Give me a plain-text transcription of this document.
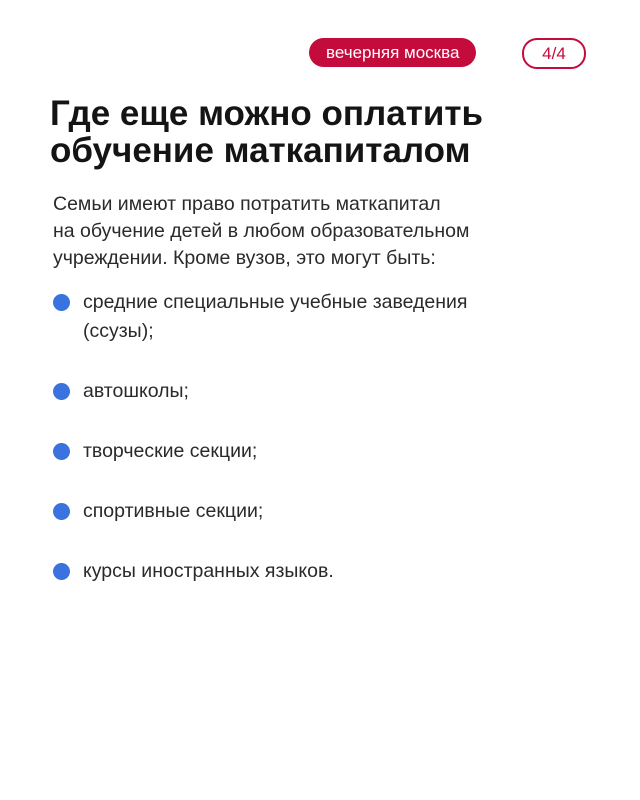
вечерняя москва	4/4
Где еще можно оплатить
обучение маткапиталом

Семьи имеют право потратить маткапитал
на обучение детей в любом образовательном
учреждении. Кроме вузов, это могут быть:

средние специальные учебные заведения
(ссузы);
автошколы;
творческие секции;
спортивные секции;
курсы иностранных языков.
